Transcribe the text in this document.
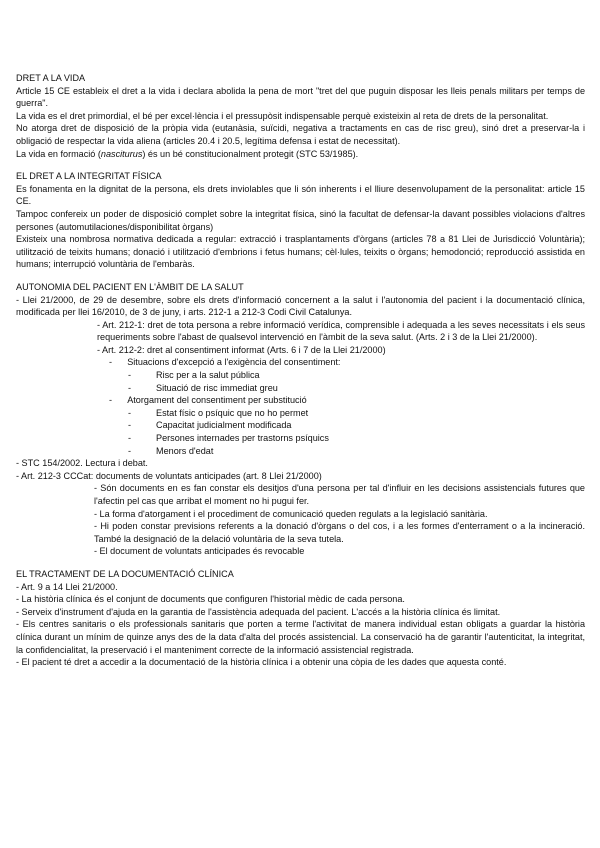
DRET A LA VIDA

Article 15 CE estableix el dret a la vida i declara abolida la pena de mort "tret del que puguin disposar les lleis penals militars per temps de guerra".

La vida es el dret primordial, el bé per excel·lència i el pressupòsit indispensable perquè existeixin al reta de drets de la personalitat.

No atorga dret de disposició de la pròpia vida (eutanàsia, suïcidi, negativa a tractaments en cas de risc greu), sinó dret a preservar-la i obligació de respectar la vida aliena (articles 20.4 i 20.5, legítima defensa i estat de necessitat).

La vida en formació (nasciturus) és un bé constitucionalment protegit (STC 53/1985).

EL DRET A LA INTEGRITAT FÍSICA

Es fonamenta en la dignitat de la persona, els drets inviolables que li són inherents i el lliure desenvolupament de la personalitat: article 15 CE.

Tampoc confereix un poder de disposició complet sobre la integritat física, sinó la facultat de defensar-la davant possibles violacions d'altres persones (automutilaciones/disponibilitat òrgans)

Existeix una nombrosa normativa dedicada a regular: extracció i trasplantaments d'òrgans (articles 78 a 81 Llei de Jurisdicció Voluntària); utilització de teixits humans; donació i utilització d'embrions i fetus humans; cèl·lules, teixits o òrgans; hemodonció; reproducció assistida en humans; interrupció voluntària de l'embaràs.

AUTONOMIA DEL PACIENT EN L'ÀMBIT DE LA SALUT

- Llei 21/2000, de 29 de desembre, sobre els drets d'informació concernent a la salut i l'autonomia del pacient i la documentació clínica, modificada per llei 16/2010, de 3 de juny, i arts. 212-1 a 212-3 Codi Civil Catalunya.

- Art. 212-1: dret de tota persona a rebre informació verídica, comprensible i adequada a les seves necessitats i els seus requeriments sobre l'abast de qualsevol intervenció en l'àmbit de la seva salut. (Arts. 2 i 3 de la Llei 21/2000).

- Art. 212-2: dret al consentiment informat (Arts. 6 i 7 de la Llei 21/2000)

- Situacions d'excepció a l'exigència del consentiment:

-	Risc per a la salut pública

-	Situació de risc immediat greu

- Atorgament del consentiment per substitució

-	Estat físic o psíquic que no ho permet

-	Capacitat judicialment modificada

-	Persones internades per trastorns psíquics

-	Menors d'edat

- STC 154/2002. Lectura i debat.

- Art. 212-3 CCCat: documents de voluntats anticipades (art. 8 Llei 21/2000)

- Són documents en es fan constar els desitjos d'una persona per tal d'influir en les decisions assistencials futures que l'afectin pel cas que arribat el moment no hi pugui fer.

- La forma d'atorgament i el procediment de comunicació queden regulats a la legislació sanitària.

- Hi poden constar previsions referents a la donació d'òrgans o del cos, i a les formes d'enterrament o a la incineració. També la designació de la delació voluntària de la seva tutela.

- El document de voluntats anticipades és revocable

EL TRACTAMENT DE LA DOCUMENTACIÓ CLÍNICA

- Art. 9 a 14 Llei 21/2000.

- La història clínica és el conjunt de documents que configuren l'historial mèdic de cada persona.

- Serveix d'instrument d'ajuda en la garantia de l'assistència adequada del pacient. L'accés a la història clínica és limitat.

- Els centres sanitaris o els professionals sanitaris que porten a terme l'activitat de manera individual estan obligats a guardar la història clínica durant un mínim de quinze anys des de la data d'alta del procés assistencial. La conservació ha de garantir l'autenticitat, la integritat, la confidencialitat, la preservació i el manteniment correcte de la informació assistencial registrada.

- El pacient té dret a accedir a la documentació de la història clínica i a obtenir una còpia de les dades que aquesta conté.
